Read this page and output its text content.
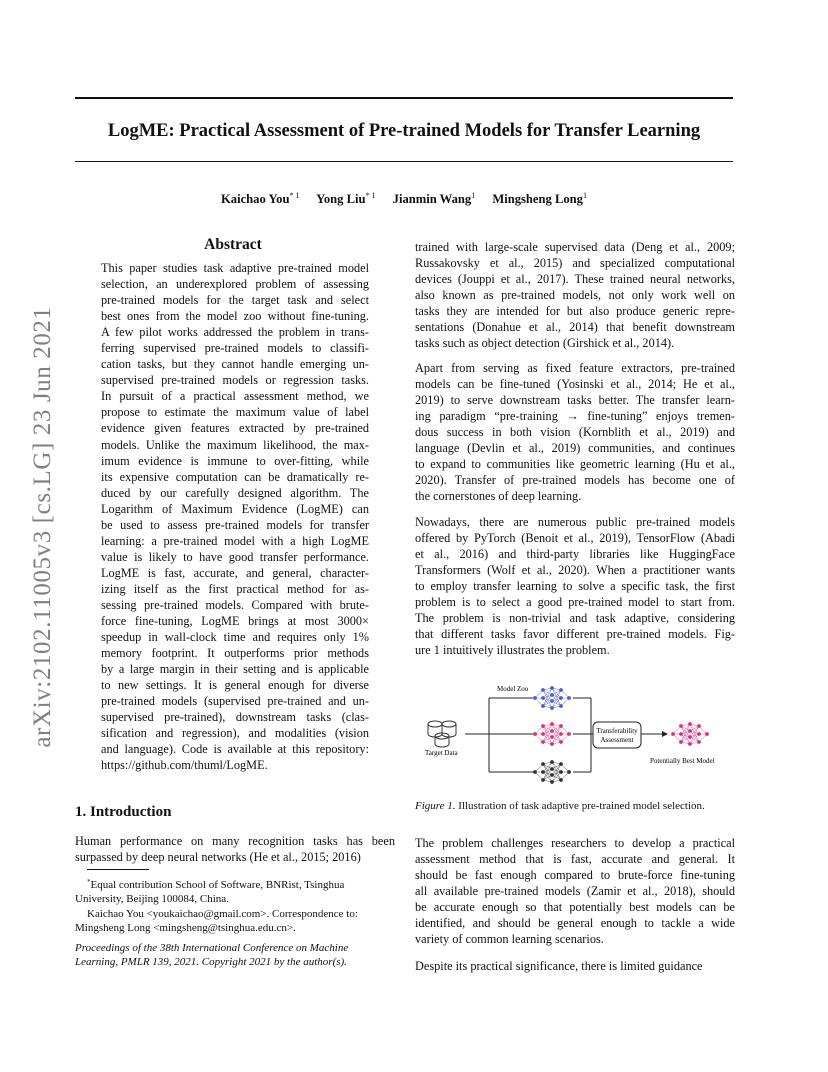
LogME: Practical Assessment of Pre-trained Models for Transfer Learning
Kaichao You$^{* 1}$ Yong Liu$^{* 1}$ Jianmin Wang$^1$ Mingsheng Long$^1$
arXiv:2102.11005v3 [cs.LG] 23 Jun 2021
Abstract
This paper studies task adaptive pre-trained model
selection, an underexplored problem of assessing
pre-trained models for the target task and select
best ones from the model zoo without fine-tuning.
A few pilot works addressed the problem in trans-
ferring supervised pre-trained models to classifi-
cation tasks, but they cannot handle emerging un-
supervised pre-trained models or regression tasks.
In pursuit of a practical assessment method, we
propose to estimate the maximum value of label
evidence given features extracted by pre-trained
models. Unlike the maximum likelihood, the max-
imum evidence is immune to over-fitting, while
its expensive computation can be dramatically re-
duced by our carefully designed algorithm. The
Logarithm of Maximum Evidence (LogME) can
be used to assess pre-trained models for transfer
learning: a pre-trained model with a high LogME
value is likely to have good transfer performance.
LogME is fast, accurate, and general, character-
izing itself as the first practical method for as-
sessing pre-trained models. Compared with brute-
force fine-tuning, LogME brings at most 3000×
speedup in wall-clock time and requires only 1%
memory footprint. It outperforms prior methods
by a large margin in their setting and is applicable
to new settings. It is general enough for diverse
pre-trained models (supervised pre-trained and un-
supervised pre-trained), downstream tasks (clas-
sification and regression), and modalities (vision
and language). Code is available at this repository:
https://github.com/thuml/LogME.
trained with large-scale supervised data (Deng et al., 2009;
Russakovsky et al., 2015) and specialized computational
devices (Jouppi et al., 2017). These trained neural networks,
also known as pre-trained models, not only work well on
tasks they are intended for but also produce generic repre-
sentations (Donahue et al., 2014) that benefit downstream
tasks such as object detection (Girshick et al., 2014).
Apart from serving as fixed feature extractors, pre-trained
models can be fine-tuned (Yosinski et al., 2014; He et al.,
2019) to serve downstream tasks better. The transfer learn-
ing paradigm “pre-training → fine-tuning” enjoys tremen-
dous success in both vision (Kornblith et al., 2019) and
language (Devlin et al., 2019) communities, and continues
to expand to communities like geometric learning (Hu et al.,
2020). Transfer of pre-trained models has become one of
the cornerstones of deep learning.
Nowadays, there are numerous public pre-trained models
offered by PyTorch (Benoit et al., 2019), TensorFlow (Abadi
et al., 2016) and third-party libraries like HuggingFace
Transformers (Wolf et al., 2020). When a practitioner wants
to employ transfer learning to solve a specific task, the first
problem is to select a good pre-trained model to start from.
The problem is non-trivial and task adaptive, considering
that different tasks favor different pre-trained models. Fig-
ure 1 intuitively illustrates the problem.
Target Data
Model Zoo
Transferability
Assessment
Potentially Best Model
Figure 1. Illustration of task adaptive pre-trained model selection.
The problem challenges researchers to develop a practical
assessment method that is fast, accurate and general. It
should be fast enough compared to brute-force fine-tuning
all available pre-trained models (Zamir et al., 2018), should
be accurate enough so that potentially best models can be
identified, and should be general enough to tackle a wide
variety of common learning scenarios.
Despite its practical significance, there is limited guidance
1. Introduction
Human performance on many recognition tasks has been
surpassed by deep neural networks (He et al., 2015; 2016)
*Equal contribution School of Software, BNRist, Tsinghua
University, Beijing 100084, China.
Kaichao You <youkaichao@gmail.com>. Correspondence to:
Mingsheng Long <mingsheng@tsinghua.edu.cn>.
Proceedings of the 38th International Conference on Machine
Learning, PMLR 139, 2021. Copyright 2021 by the author(s).
